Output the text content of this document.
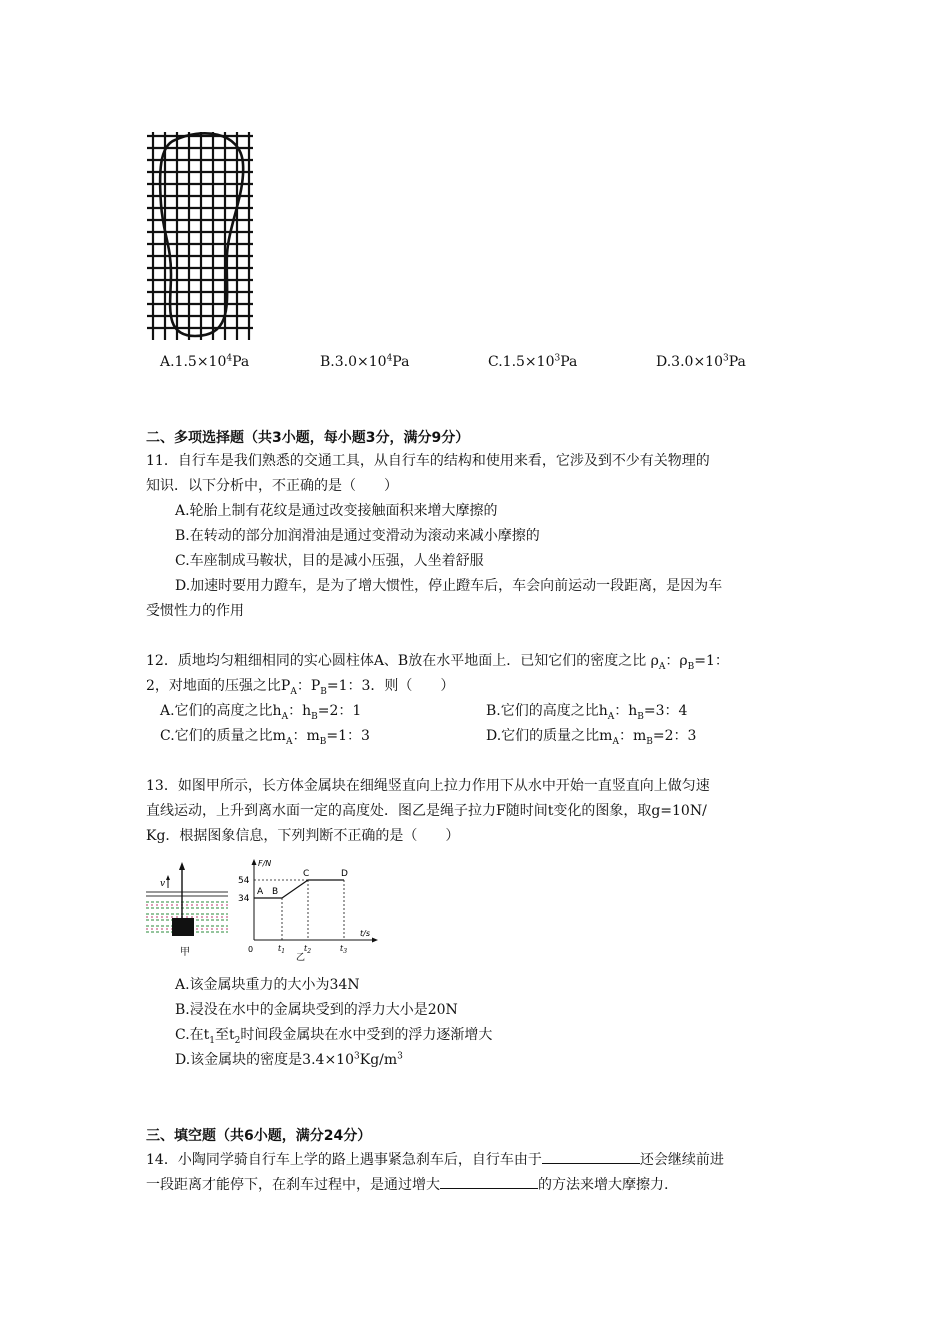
$A.1.5\times 10^4Pa$	$B.3.0\times 10^4Pa$	$C.1.5\times 10^3Pa$	$D.3.0\times 10^3Pa$
二、多项选择题（共3小题，每小题3分，满分9分）
11．自行车是我们熟悉的交通工具，从自行车的结构和使用来看，它涉及到不少有关物理的
知识．以下分析中，不正确的是（　　）
A.轮胎上制有花纹是通过改变接触面积来增大摩擦的
B.在转动的部分加润滑油是通过变滑动为滚动来减小摩擦的
C.车座制成马鞍状，目的是减小压强，人坐着舒服
D.加速时要用力蹬车，是为了增大惯性，停止蹬车后，车会向前运动一段距离，是因为车
受惯性力的作用
12．质地均匀粗细相同的实心圆柱体A、B放在水平地面上．已知它们的密度之比 $\rho_A$：$\rho_B=1$：
2，对地面的压强之比$P_A$：$P_B=1$：3．则（　　）
A.它们的高度之比$h_A$：$h_B=2$：1	B.它们的高度之比$h_A$：$h_B=3$：4
C.它们的质量之比$m_A$：$m_B=1$：3	D.它们的质量之比$m_A$：$m_B=2$：3
13．如图甲所示，长方体金属块在细绳竖直向上拉力作用下从水中开始一直竖直向上做匀速
直线运动，上升到离水面一定的高度处．图乙是绳子拉力F随时间t变化的图象，取g=10N/
Kg．根据图象信息，下列判断不正确的是（　　）
v
甲
F/N
t/s
54
34
0
A B
C	D
$t_1$ $t_2$	$t_3$
乙
A.该金属块重力的大小为34N
B.浸没在水中的金属块受到的浮力大小是20N
C.在$t_1$至$t_2$时间段金属块在水中受到的浮力逐渐增大
D.该金属块的密度是$3.4\times 10^3Kg/m^3$
三、填空题（共6小题，满分24分）
14．小陶同学骑自行车上学的路上遇事紧急刹车后，自行车由于	还会继续前进
一段距离才能停下，在刹车过程中，是通过增大	的方法来增大摩擦力.
